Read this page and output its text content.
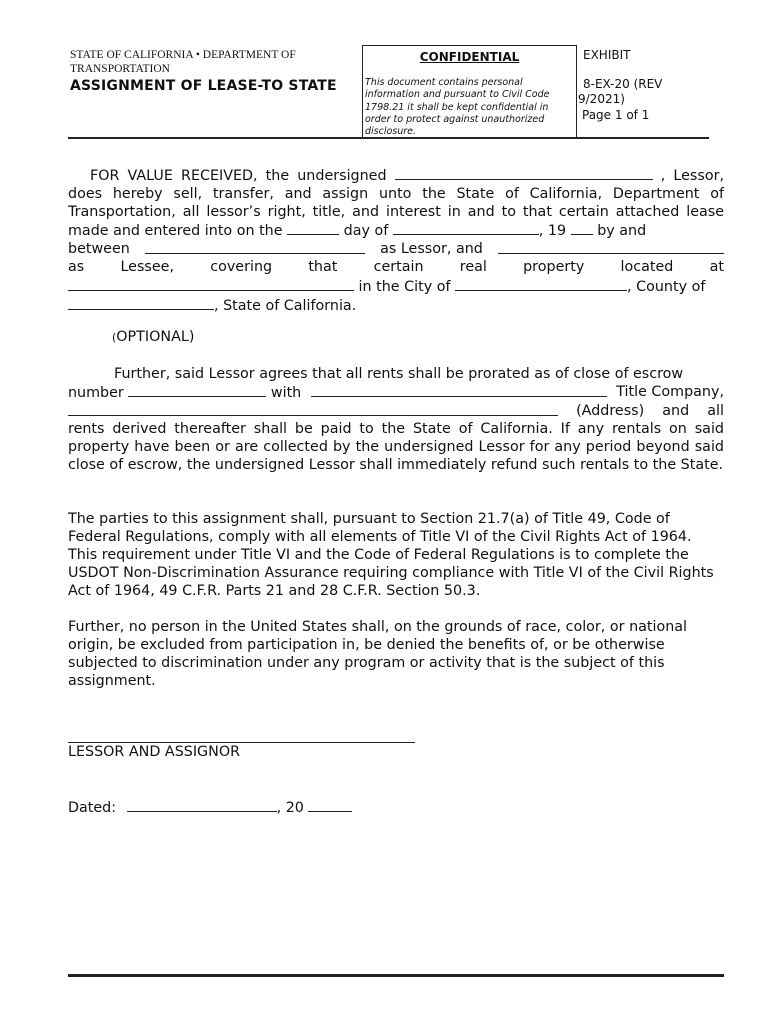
STATE OF CALIFORNIA • DEPARTMENT OF TRANSPORTATION
ASSIGNMENT OF LEASE-TO STATE
CONFIDENTIAL
This document contains personal information and pursuant to Civil Code 1798.21 it shall be kept confidential in order to protect against unauthorized disclosure.
EXHIBIT
8-EX-20 (REV
9/2021)
Page 1 of 1
FOR VALUE RECEIVED, the undersigned	, Lessor, does hereby sell, transfer, and assign unto the State of California, Department of Transportation, all lessor’s right, title, and interest in and to that certain attached lease made and entered into on the	day of	, 19 by and
between	as Lessor, and
as	Lessee,	covering	that	certain	real	property	located	at
in the City of	, County of
, State of California.
(OPTIONAL)
Further, said Lessor agrees that all rents shall be prorated as of close of escrow
number	with	Title Company,
(Address) and all
rents derived thereafter shall be paid to the State of California. If any rentals on said property have been or are collected by the undersigned Lessor for any period beyond said close of escrow, the undersigned Lessor shall immediately refund such rentals to the State.
The parties to this assignment shall, pursuant to Section 21.7(a) of Title 49, Code of Federal Regulations, comply with all elements of Title VI of the Civil Rights Act of 1964. This requirement under Title VI and the Code of Federal Regulations is to complete the USDOT Non-Discrimination Assurance requiring compliance with Title VI of the Civil Rights Act of 1964, 49 C.F.R. Parts 21 and 28 C.F.R. Section 50.3.
Further, no person in the United States shall, on the grounds of race, color, or national origin, be excluded from participation in, be denied the benefits of, or be otherwise subjected to discrimination under any program or activity that is the subject of this assignment.
LESSOR AND ASSIGNOR
Dated:	, 20
